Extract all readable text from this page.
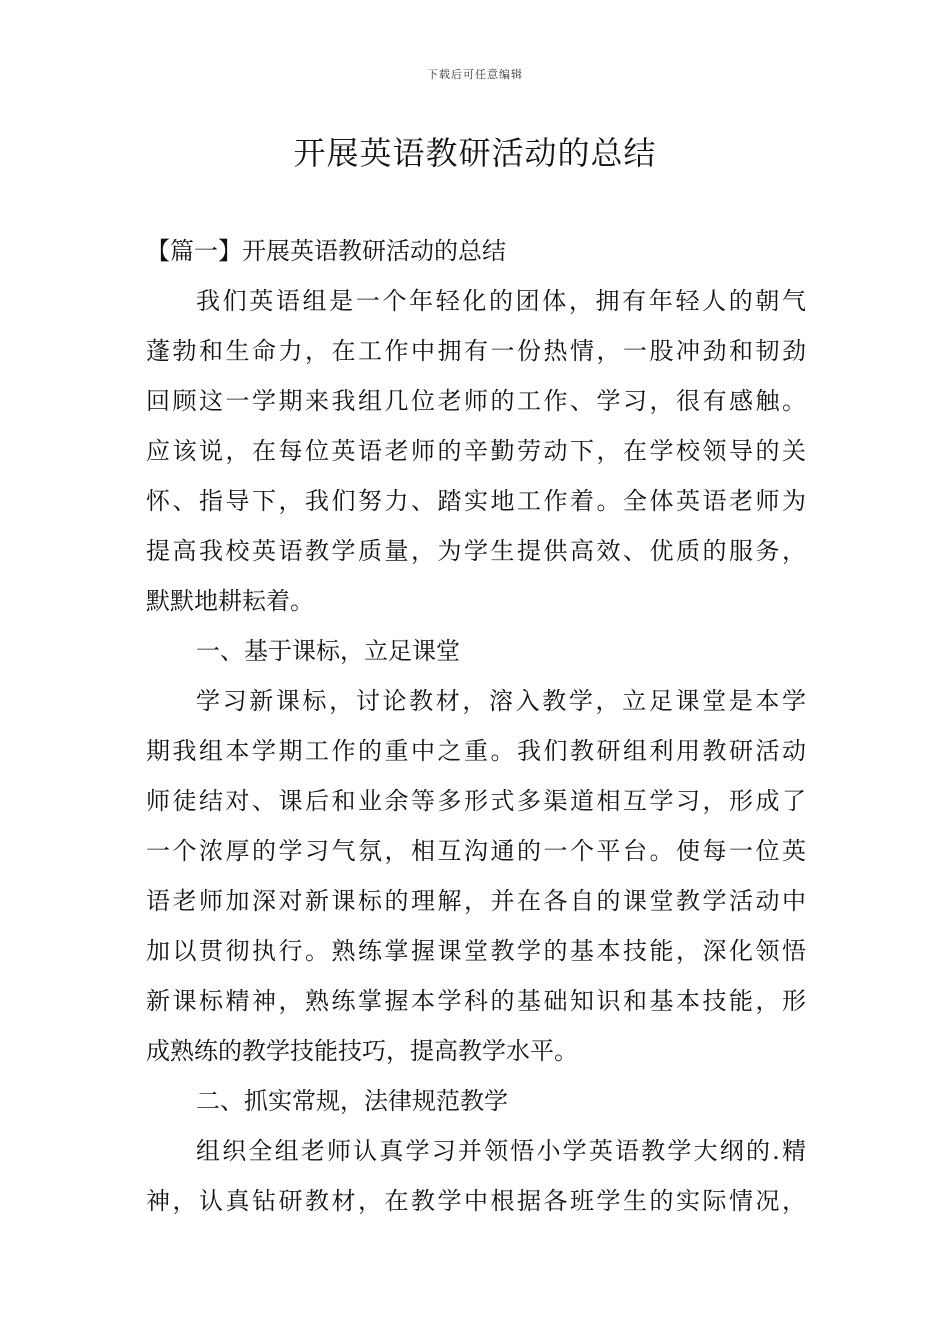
下载后可任意编辑
开展英语教研活动的总结
【篇一】开展英语教研活动的总结
我们英语组是一个年轻化的团体，拥有年轻人的朝气
蓬勃和生命力，在工作中拥有一份热情，一股冲劲和韧劲
回顾这一学期来我组几位老师的工作、学习，很有感触。
应该说，在每位英语老师的辛勤劳动下，在学校领导的关
怀、指导下，我们努力、踏实地工作着。全体英语老师为
提高我校英语教学质量，为学生提供高效、优质的服务，
默默地耕耘着。
一、基于课标，立足课堂
学习新课标，讨论教材，溶入教学，立足课堂是本学
期我组本学期工作的重中之重。我们教研组利用教研活动
师徒结对、课后和业余等多形式多渠道相互学习，形成了
一个浓厚的学习气氛，相互沟通的一个平台。使每一位英
语老师加深对新课标的理解，并在各自的课堂教学活动中
加以贯彻执行。熟练掌握课堂教学的基本技能，深化领悟
新课标精神，熟练掌握本学科的基础知识和基本技能，形
成熟练的教学技能技巧，提高教学水平。
二、抓实常规，法律规范教学
组织全组老师认真学习并领悟小学英语教学大纲的.精
神，认真钻研教材，在教学中根据各班学生的实际情况，
